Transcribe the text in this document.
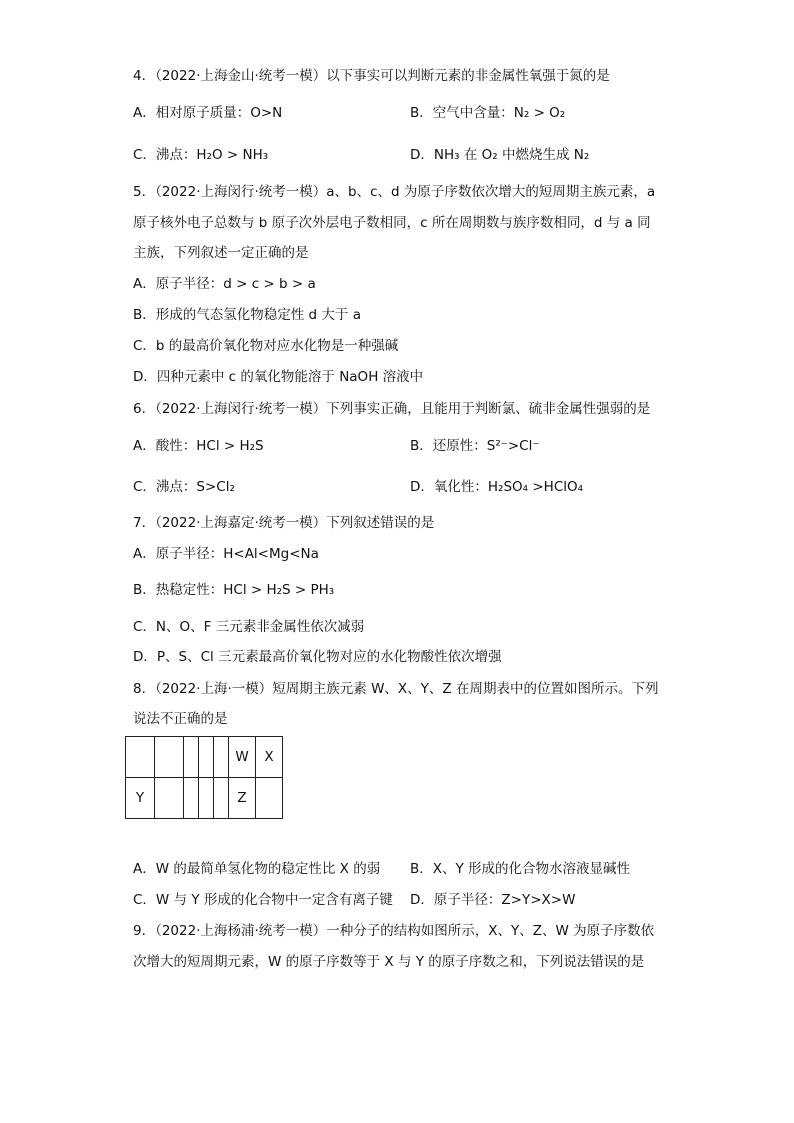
4．（2022·上海金山·统考一模）以下事实可以判断元素的非金属性氧强于氮的是
A．相对原子质量：O>N	B．空气中含量：N₂ > O₂
C．沸点：H₂O > NH₃	D．NH₃ 在 O₂ 中燃烧生成 N₂
5．（2022·上海闵行·统考一模）a、b、c、d 为原子序数依次增大的短周期主族元素，a
原子核外电子总数与 b 原子次外层电子数相同，c 所在周期数与族序数相同，d 与 a 同
主族，下列叙述一定正确的是
A．原子半径：d > c > b > a
B．形成的气态氢化物稳定性 d 大于 a
C．b 的最高价氧化物对应水化物是一种强碱
D．四种元素中 c 的氧化物能溶于 NaOH 溶液中
6．（2022·上海闵行·统考一模）下列事实正确，且能用于判断氯、硫非金属性强弱的是
A．酸性：HCl > H₂S	B．还原性：S²⁻>Cl⁻
C．沸点：S>Cl₂	D．氧化性：H₂SO₄ >HClO₄
7．（2022·上海嘉定·统考一模）下列叙述错误的是
A．原子半径：H<Al<Mg<Na
B．热稳定性：HCl > H₂S > PH₃
C．N、O、F 三元素非金属性依次减弱
D．P、S、Cl 三元素最高价氧化物对应的水化物酸性依次增强
8．（2022·上海·一模）短周期主族元素 W、X、Y、Z 在周期表中的位置如图所示。下列
说法不正确的是
					W	X
Y					Z	
A．W 的最简单氢化物的稳定性比 X 的弱 B．X、Y 形成的化合物水溶液显碱性
C．W 与 Y 形成的化合物中一定含有离子键 D．原子半径：Z>Y>X>W
9．（2022·上海杨浦·统考一模）一种分子的结构如图所示，X、Y、Z、W 为原子序数依
次增大的短周期元素，W 的原子序数等于 X 与 Y 的原子序数之和，下列说法错误的是
